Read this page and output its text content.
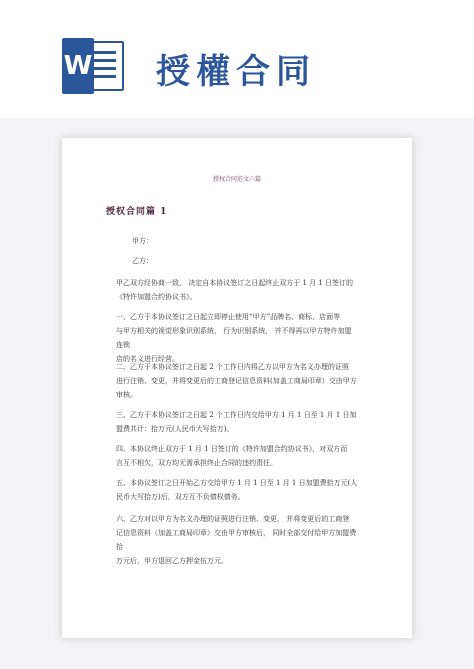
W 授權合同
授权合同范文六篇
授权合同篇 1
甲方：
乙方：
甲乙双方经协商一致， 决定自本协议签订之日起终止双方于 1 月 1 日签订的
《特许加盟合约协议书》。
一、乙方于本协议签订之日起立即停止使用“甲方”品牌名、商标、店面等
与甲方相关的视觉形象识别系统， 行为识别系统， 并不得再以甲方特许加盟连锁
店的名义进行经营。
二、乙方于本协议签订之日起 2 个工作日内将乙方以甲方为名义办理的证照
进行注销、变更，并将变更后的工商登记信息资料(加盖工商局印章）交由甲方
审核。
三、乙方于本协议签订之日起 2 个工作日内交给甲方 1 月 1 日至 1 月 1 日加
盟费共计：拾万元(人民币大写拾万)。
四、本协议终止双方于 1 月 1 日签订的《特许加盟合约协议书》，对双方而
言互不相欠，双方均无需承担终止合同的违约责任。
五、本协议签订之日开始乙方交给甲方 1 月 1 日至 1 月 1 日加盟费拾万元(人
民币大写拾万)后，双方互不负债权债务。
六、乙方对以甲方为名义办理的证照进行注销、变更， 并将变更后的工商登
记信息资料（加盖工商局印章）交由甲方审核后， 同时全部交付给甲方加盟费拾
万元后，甲方退回乙方押金伍万元。
